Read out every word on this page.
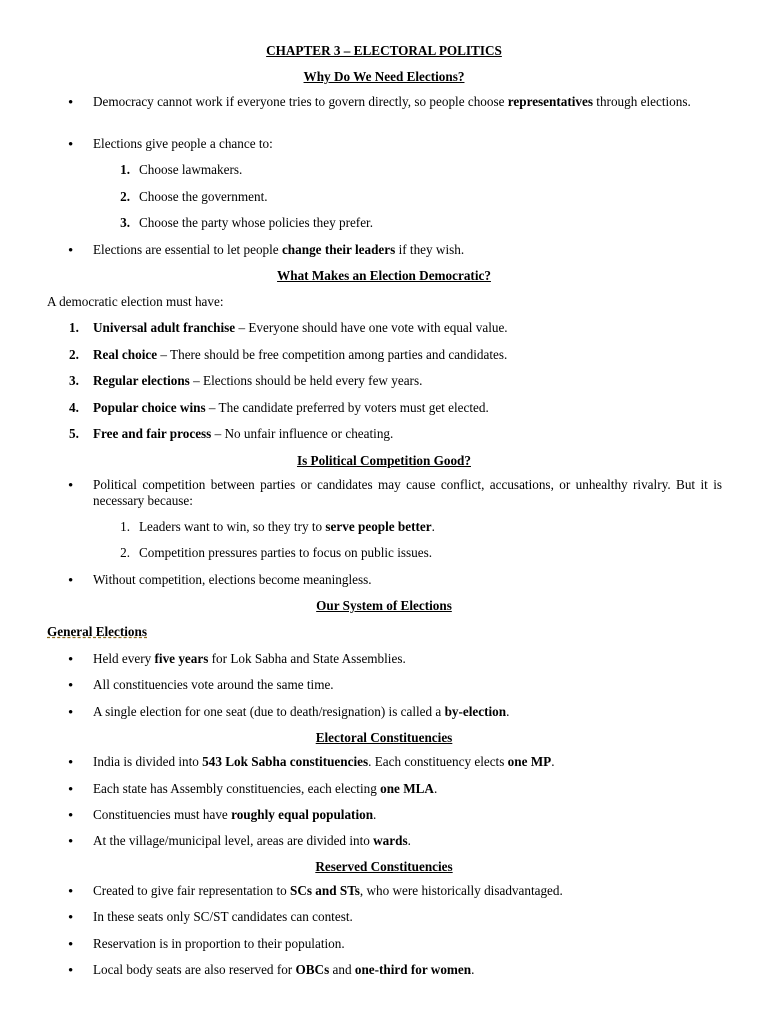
CHAPTER 3 – ELECTORAL POLITICS
Why Do We Need Elections?
• Democracy cannot work if everyone tries to govern directly, so people choose representatives through elections.
• Elections give people a chance to:
1. Choose lawmakers.
2. Choose the government.
3. Choose the party whose policies they prefer.
• Elections are essential to let people change their leaders if they wish.
What Makes an Election Democratic?
A democratic election must have:
1. Universal adult franchise – Everyone should have one vote with equal value.
2. Real choice – There should be free competition among parties and candidates.
3. Regular elections – Elections should be held every few years.
4. Popular choice wins – The candidate preferred by voters must get elected.
5. Free and fair process – No unfair influence or cheating.
Is Political Competition Good?
• Political competition between parties or candidates may cause conflict, accusations, or unhealthy rivalry. But it is necessary because:
1. Leaders want to win, so they try to serve people better.
2. Competition pressures parties to focus on public issues.
• Without competition, elections become meaningless.
Our System of Elections
General Elections
• Held every five years for Lok Sabha and State Assemblies.
• All constituencies vote around the same time.
• A single election for one seat (due to death/resignation) is called a by-election.
Electoral Constituencies
• India is divided into 543 Lok Sabha constituencies. Each constituency elects one MP.
• Each state has Assembly constituencies, each electing one MLA.
• Constituencies must have roughly equal population.
• At the village/municipal level, areas are divided into wards.
Reserved Constituencies
• Created to give fair representation to SCs and STs, who were historically disadvantaged.
• In these seats only SC/ST candidates can contest.
• Reservation is in proportion to their population.
• Local body seats are also reserved for OBCs and one-third for women.
